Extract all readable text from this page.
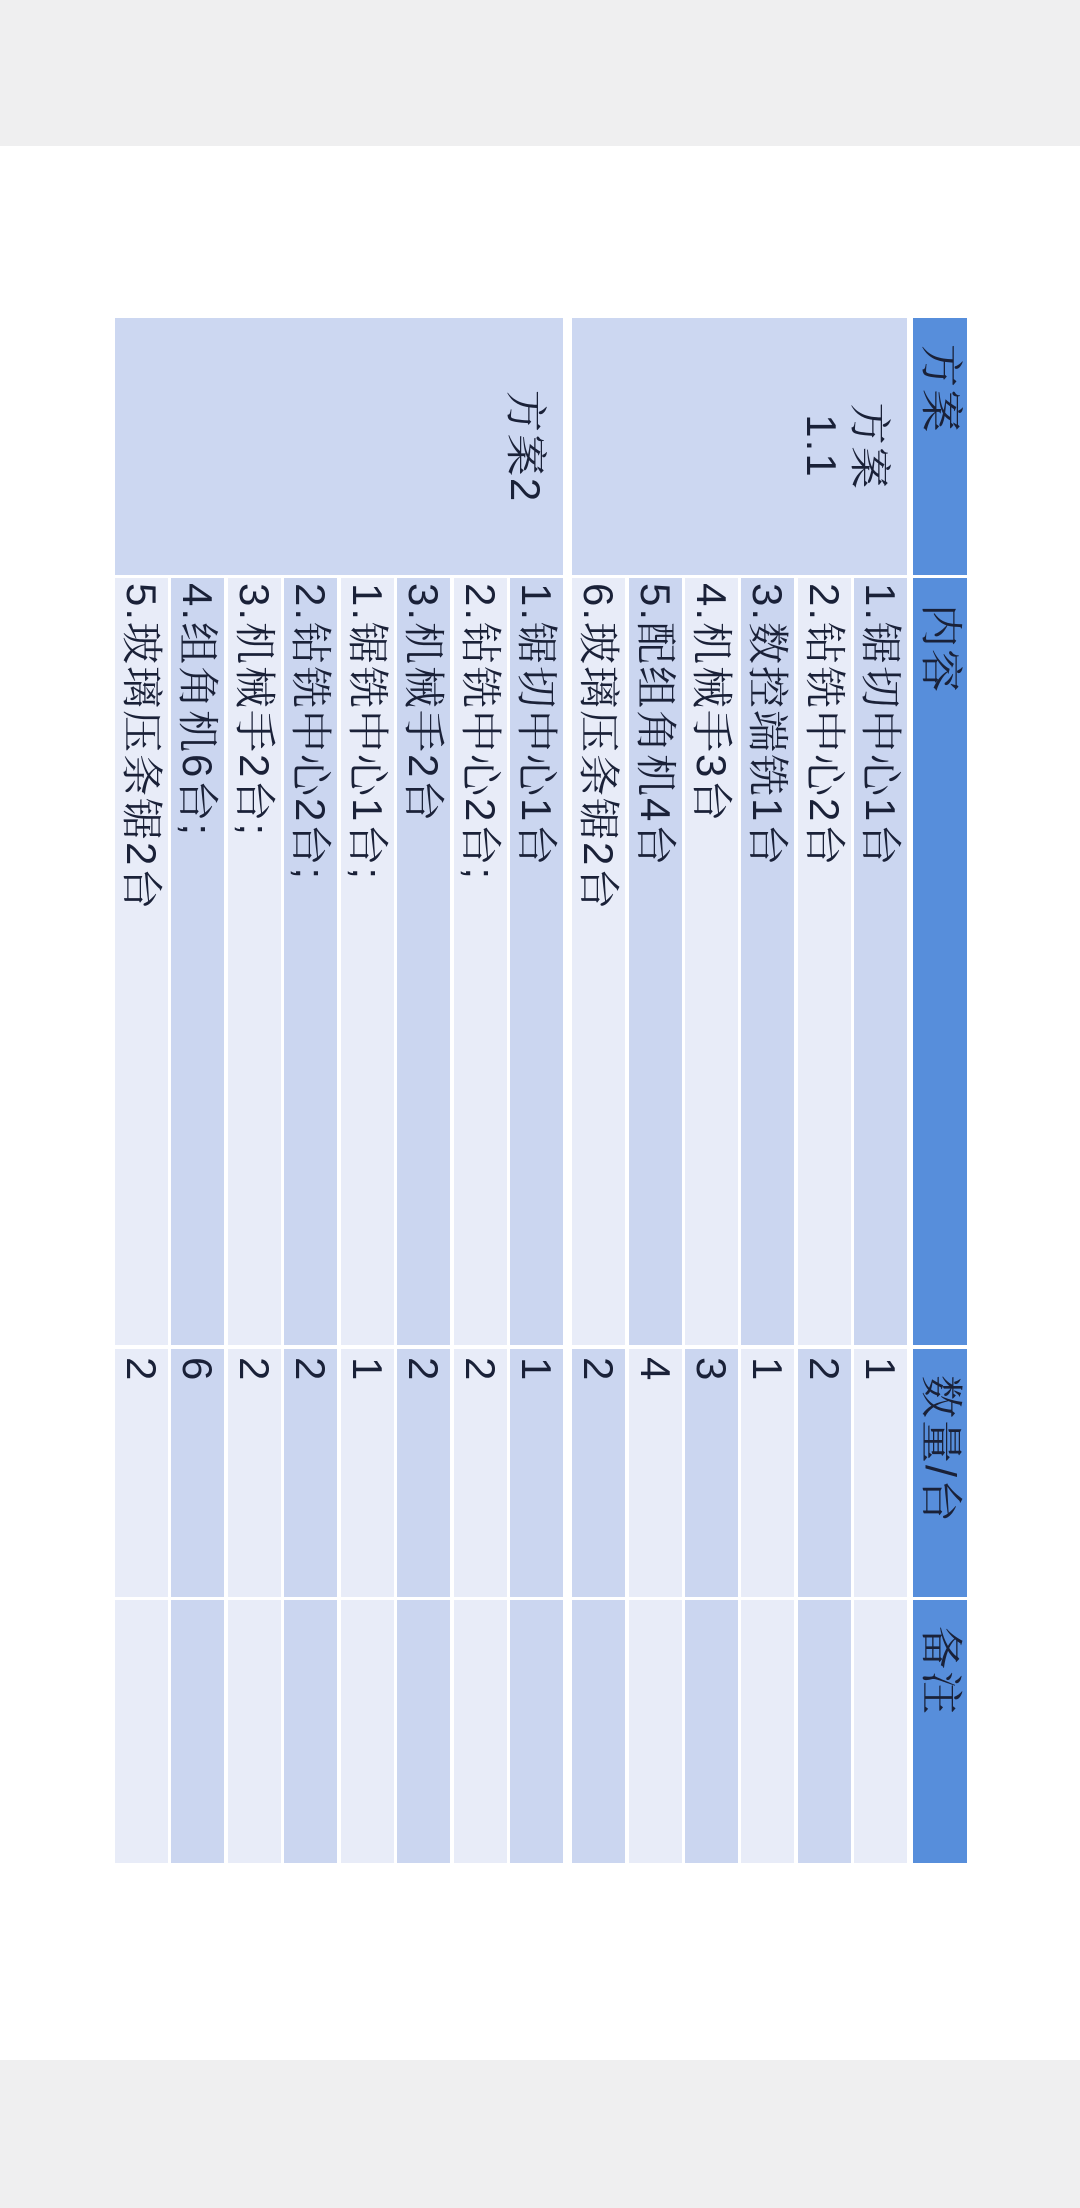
方案
内容
数量/台
备注
方案
1.1
方案2
1.锯切中心1台
1
2.钻铣中心2台
2
3.数控端铣1台
1
4.机械手3台
3
5.配组角机4台
4
6.玻璃压条锯2台
2
1.锯切中心1台
1
2.钻铣中心2台;
2
3.机械手2台
2
1.锯铣中心1台;
1
2.钻铣中心2台;
2
3.机械手2台;
2
4.组角机6台;
6
5.玻璃压条锯2台
2
